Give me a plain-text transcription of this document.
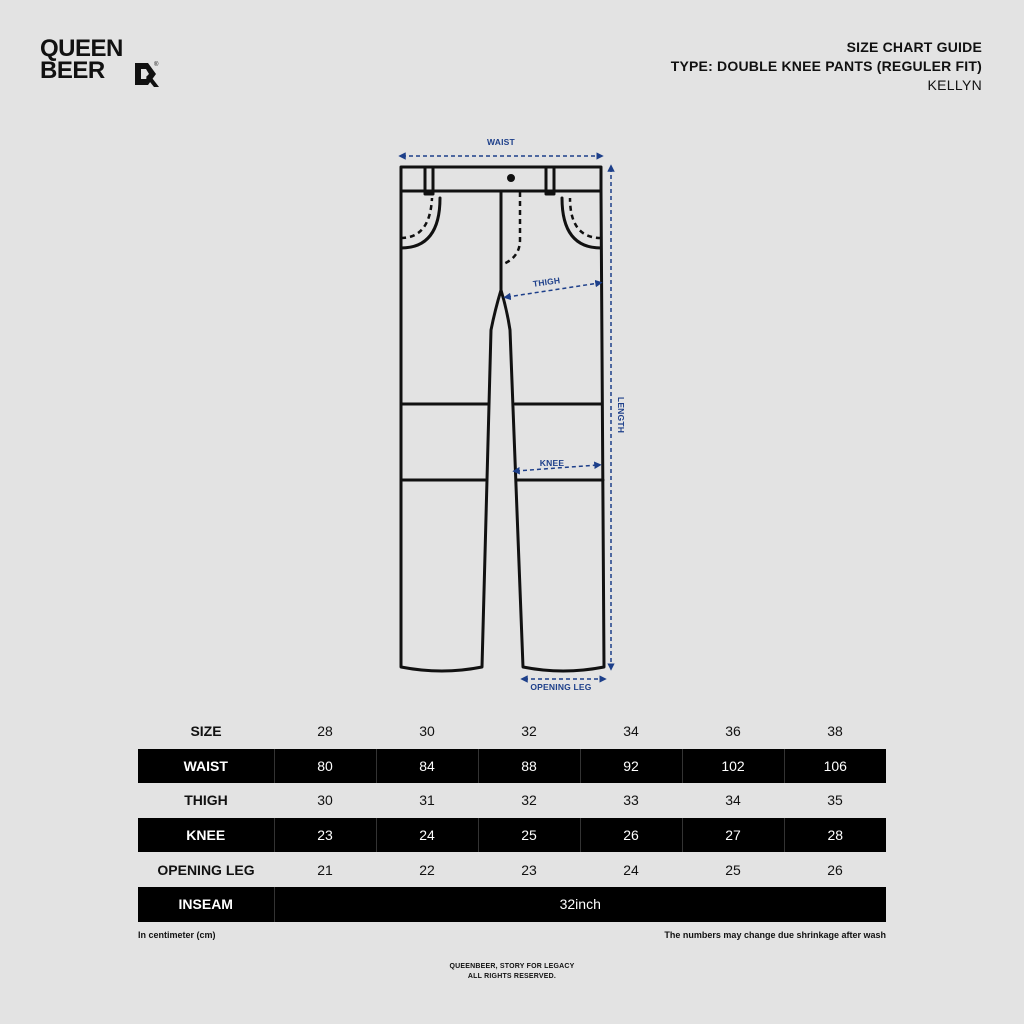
QUEEN
BEER	®
SIZE CHART GUIDE
TYPE: DOUBLE KNEE PANTS (REGULER FIT)
KELLYN
WAIST
THIGH
KNEE
LENGTH
OPENING LEG
SIZE	28	30	32	34	36	38
WAIST	80	84	88	92	102	106
THIGH	30	31	32	33	34	35
KNEE	23	24	25	26	27	28
OPENING LEG	21	22	23	24	25	26
INSEAM	32inch					
In centimeter (cm)	The numbers may change due shrinkage after wash
QUEENBEER, STORY FOR LEGACY
ALL RIGHTS RESERVED.
